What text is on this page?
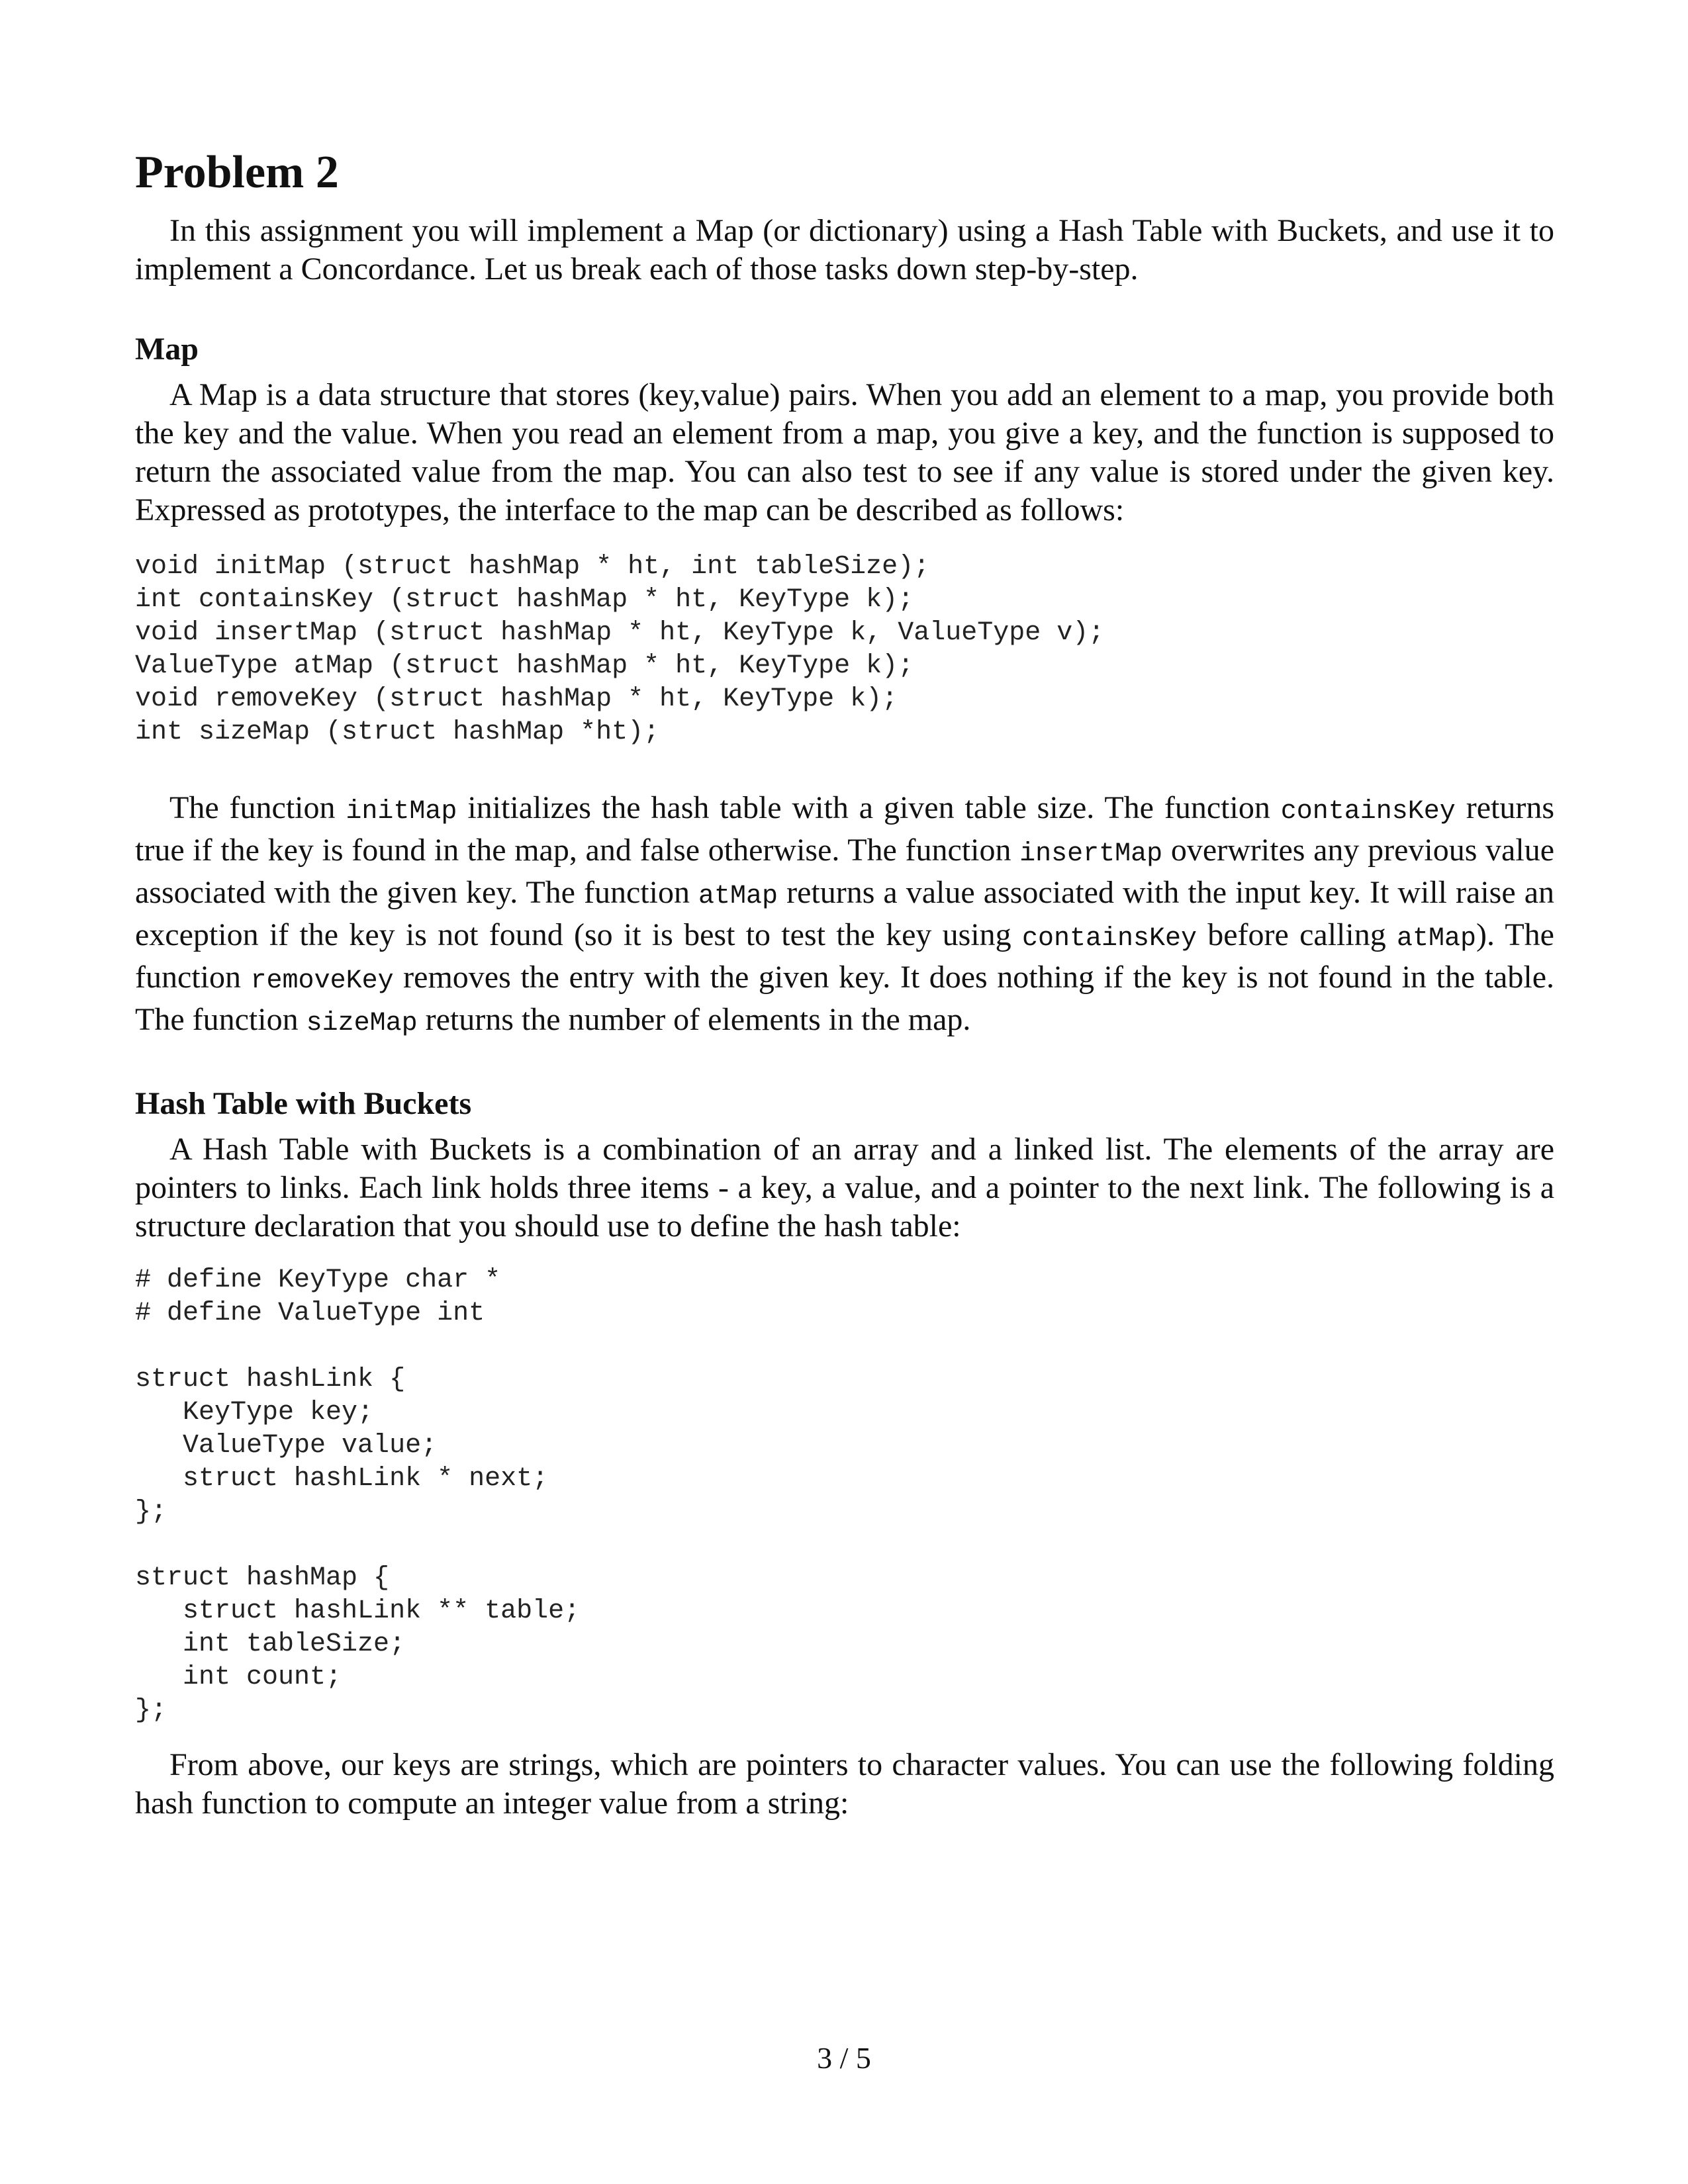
Problem 2

In this assignment you will implement a Map (or dictionary) using a Hash Table with Buckets, and use it to implement a Concordance. Let us break each of those tasks down step-by-step.

Map

A Map is a data structure that stores (key,value) pairs. When you add an element to a map, you provide both the key and the value. When you read an element from a map, you give a key, and the function is supposed to return the associated value from the map. You can also test to see if any value is stored under the given key. Expressed as prototypes, the interface to the map can be described as follows:

void initMap (struct hashMap * ht, int tableSize);
int containsKey (struct hashMap * ht, KeyType k);
void insertMap (struct hashMap * ht, KeyType k, ValueType v);
ValueType atMap (struct hashMap * ht, KeyType k);
void removeKey (struct hashMap * ht, KeyType k);
int sizeMap (struct hashMap *ht);

The function initMap initializes the hash table with a given table size. The function containsKey returns true if the key is found in the map, and false otherwise. The function insertMap overwrites any previous value associated with the given key. The function atMap returns a value associated with the input key. It will raise an exception if the key is not found (so it is best to test the key using containsKey before calling atMap). The function removeKey removes the entry with the given key. It does nothing if the key is not found in the table. The function sizeMap returns the number of elements in the map.

Hash Table with Buckets

A Hash Table with Buckets is a combination of an array and a linked list. The elements of the array are pointers to links. Each link holds three items - a key, a value, and a pointer to the next link. The following is a structure declaration that you should use to define the hash table:

# define KeyType char *
# define ValueType int
struct hashLink {
KeyType key;
ValueType value;
struct hashLink * next;
};
struct hashMap {
struct hashLink ** table;
int tableSize;
int count;
};

From above, our keys are strings, which are pointers to character values. You can use the following folding hash function to compute an integer value from a string:

3 / 5
